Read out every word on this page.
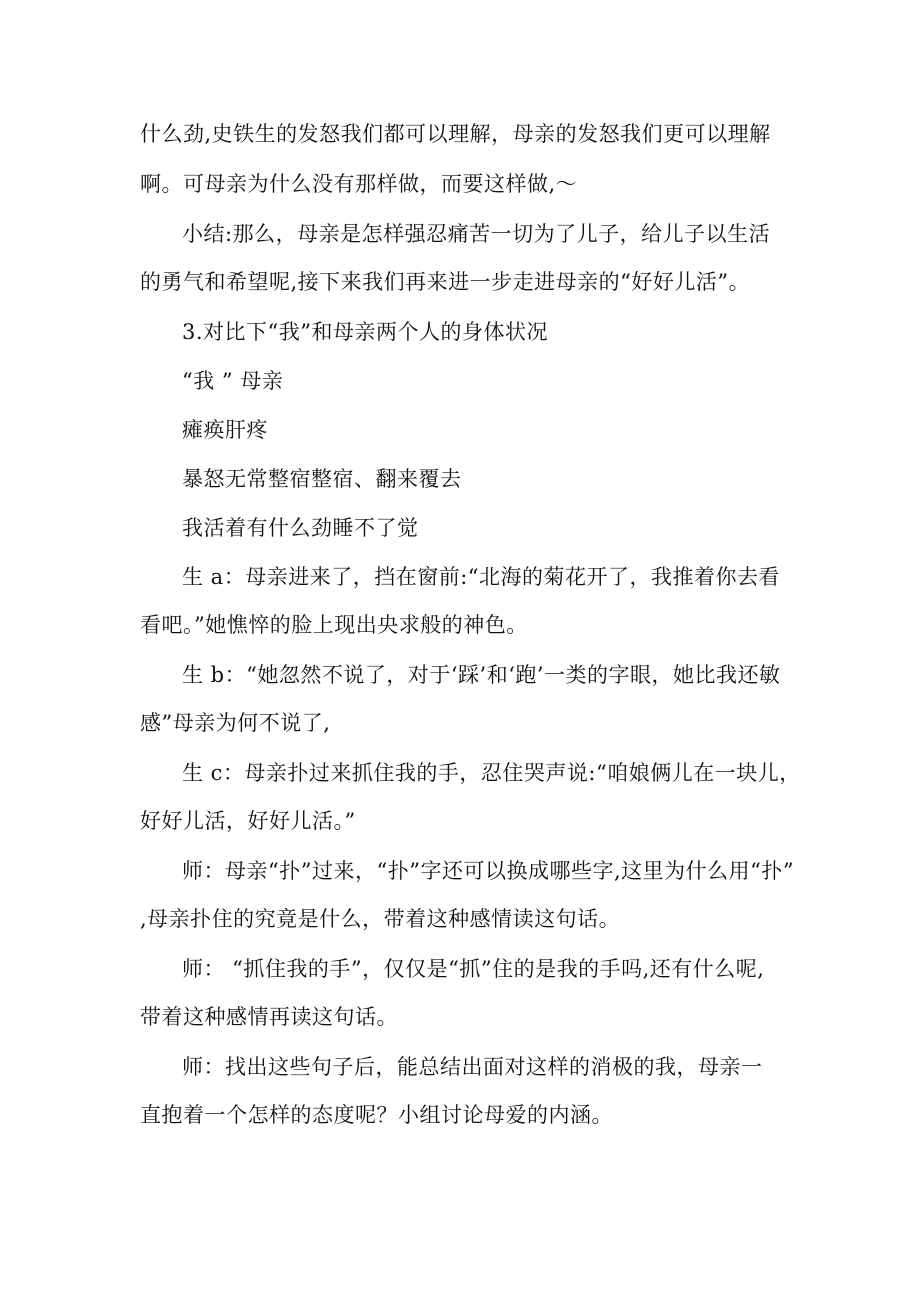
什么劲,史铁生的发怒我们都可以理解，母亲的发怒我们更可以理解
啊。可母亲为什么没有那样做，而要这样做,～
小结:那么，母亲是怎样强忍痛苦一切为了儿子，给儿子以生活
的勇气和希望呢,接下来我们再来进一步走进母亲的“好好儿活”。
3.对比下“我”和母亲两个人的身体状况
“我 ” 母亲
瘫痪肝疼
暴怒无常整宿整宿、翻来覆去
我活着有什么劲睡不了觉
生 a：母亲进来了，挡在窗前:“北海的菊花开了，我推着你去看
看吧。”她憔悴的脸上现出央求般的神色。
生 b：“她忽然不说了，对于‘踩’和‘跑’一类的字眼，她比我还敏
感”母亲为何不说了,
生 c：母亲扑过来抓住我的手，忍住哭声说:“咱娘俩儿在一块儿，
好好儿活，好好儿活。”
师：母亲“扑”过来，“扑”字还可以换成哪些字,这里为什么用“扑”
,母亲扑住的究竟是什么，带着这种感情读这句话。
师： “抓住我的手”，仅仅是“抓”住的是我的手吗,还有什么呢,
带着这种感情再读这句话。
师：找出这些句子后，能总结出面对这样的消极的我，母亲一
直抱着一个怎样的态度呢？小组讨论母爱的内涵。
